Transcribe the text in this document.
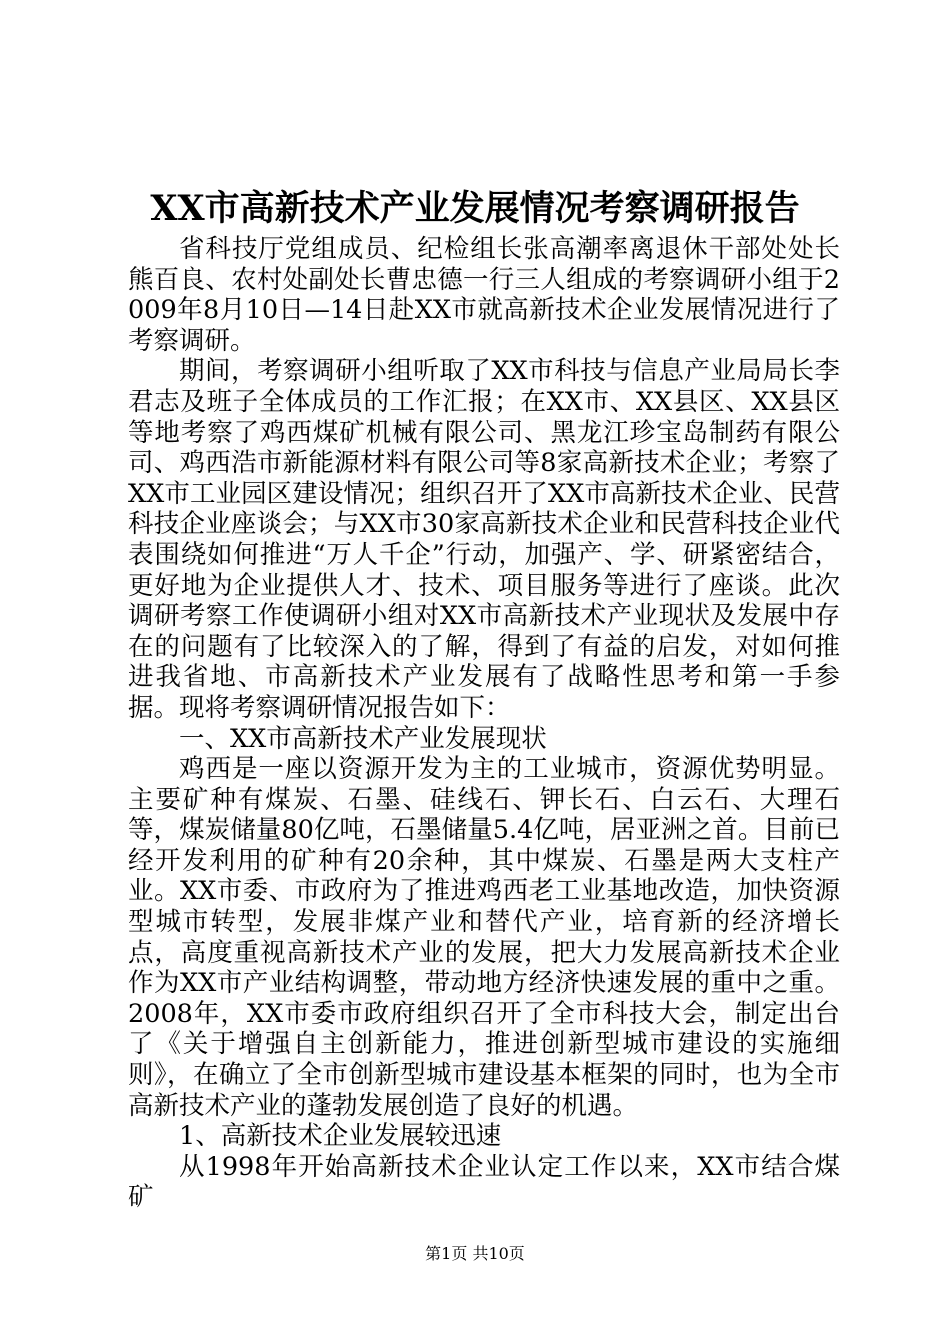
XX市高新技术产业发展情况考察调研报告

省科技厅党组成员、纪检组长张高潮率离退休干部处处长熊百良、农村处副处长曹忠德一行三人组成的考察调研小组于2009年8月10日—14日赴XX市就高新技术企业发展情况进行了考察调研。

期间，考察调研小组听取了XX市科技与信息产业局局长李君志及班子全体成员的工作汇报；在XX市、XX县区、XX县区等地考察了鸡西煤矿机械有限公司、黑龙江珍宝岛制药有限公司、鸡西浩市新能源材料有限公司等8家高新技术企业；考察了XX市工业园区建设情况；组织召开了XX市高新技术企业、民营科技企业座谈会；与XX市30家高新技术企业和民营科技企业代表围绕如何推进“万人千企”行动，加强产、学、研紧密结合，更好地为企业提供人才、技术、项目服务等进行了座谈。此次调研考察工作使调研小组对XX市高新技术产业现状及发展中存在的问题有了比较深入的了解，得到了有益的启发，对如何推进我省地、市高新技术产业发展有了战略性思考和第一手参据。现将考察调研情况报告如下：

一、XX市高新技术产业发展现状

鸡西是一座以资源开发为主的工业城市，资源优势明显。主要矿种有煤炭、石墨、硅线石、钾长石、白云石、大理石等，煤炭储量80亿吨，石墨储量5.4亿吨，居亚洲之首。目前已经开发利用的矿种有20余种，其中煤炭、石墨是两大支柱产业。XX市委、市政府为了推进鸡西老工业基地改造，加快资源型城市转型，发展非煤产业和替代产业，培育新的经济增长点，高度重视高新技术产业的发展，把大力发展高新技术企业作为XX市产业结构调整，带动地方经济快速发展的重中之重。2008年，XX市委市政府组织召开了全市科技大会，制定出台了《关于增强自主创新能力，推进创新型城市建设的实施细则》，在确立了全市创新型城市建设基本框架的同时，也为全市高新技术产业的蓬勃发展创造了良好的机遇。

1、高新技术企业发展较迅速

从1998年开始高新技术企业认定工作以来，XX市结合煤矿

第1页 共10页
